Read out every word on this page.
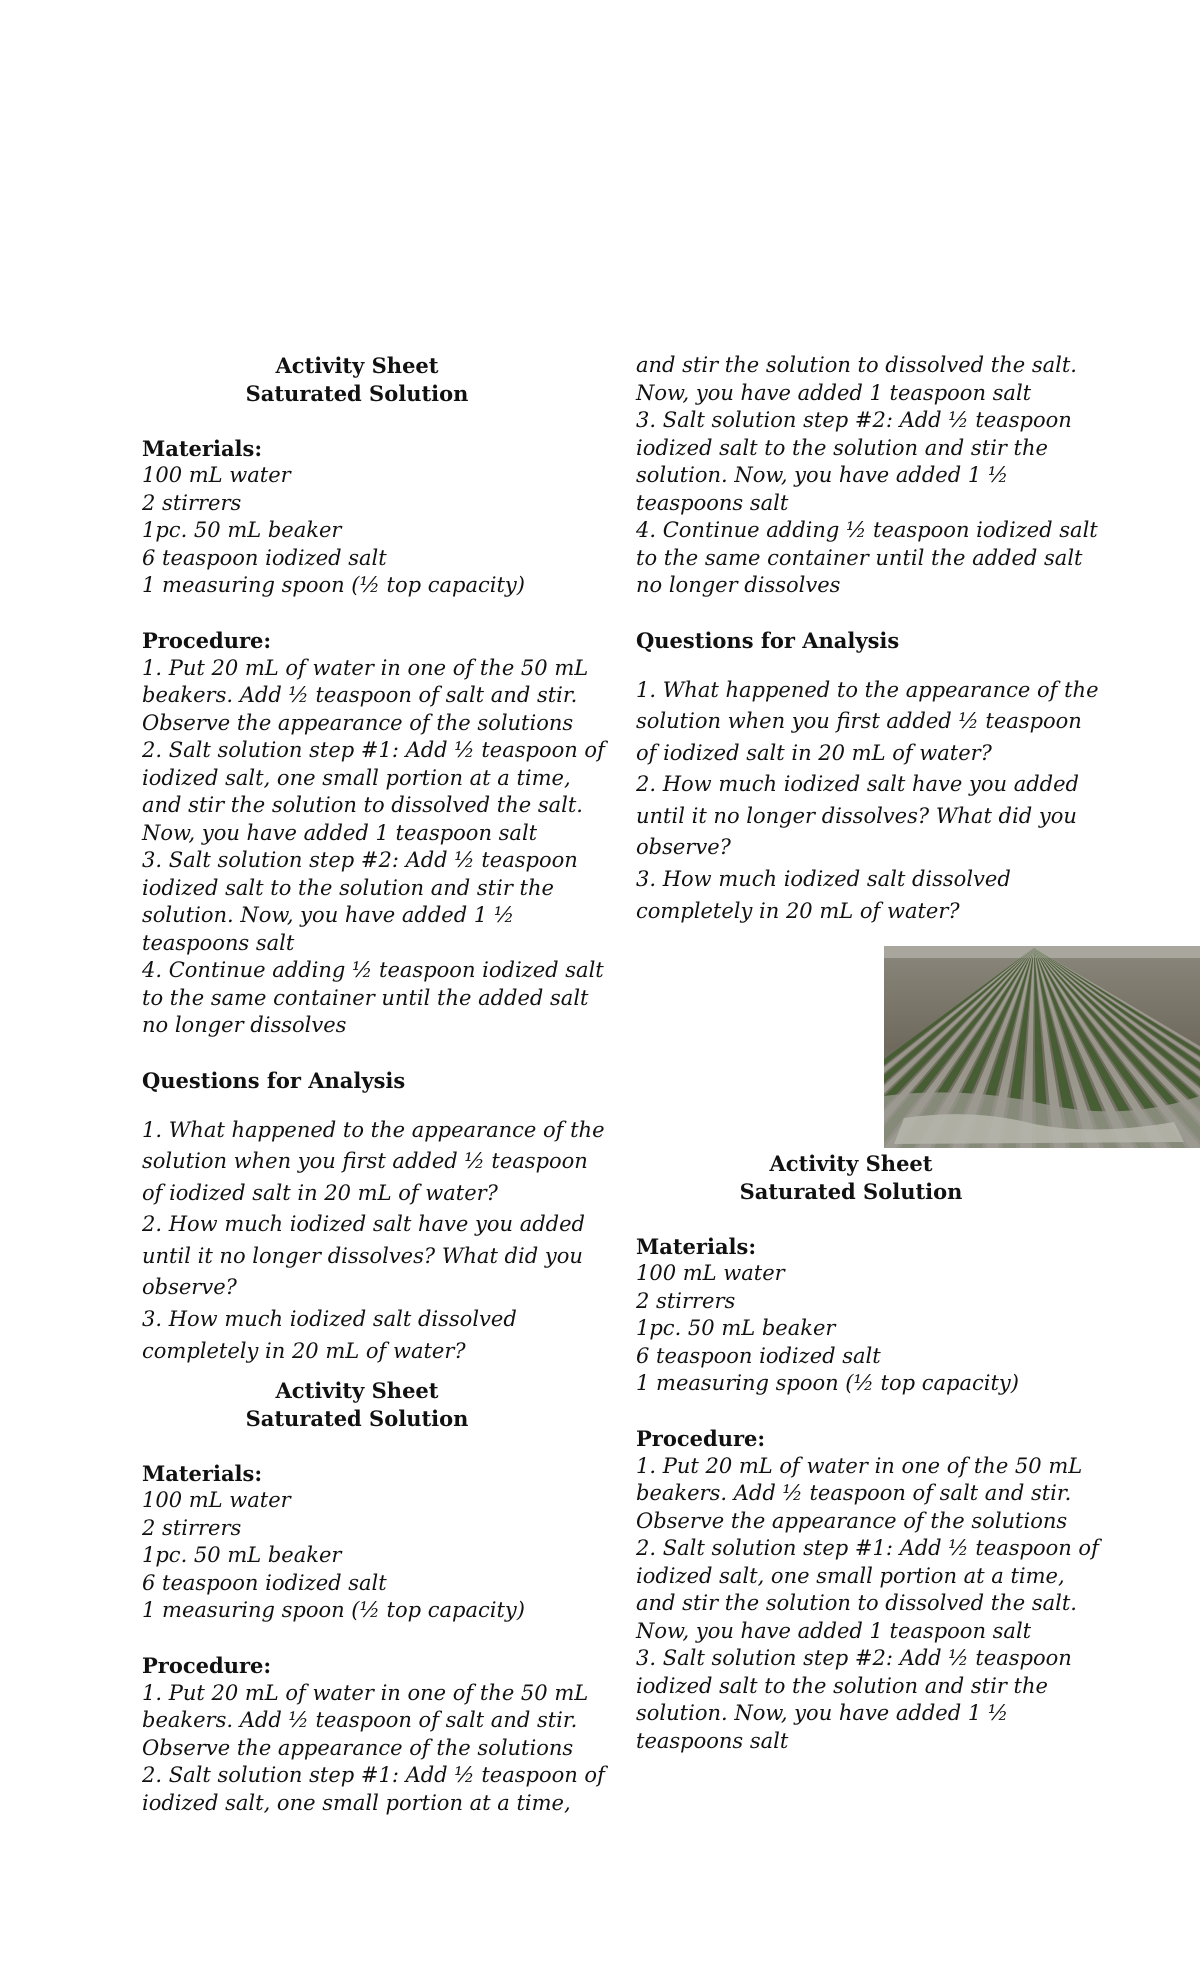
Activity Sheet
Saturated Solution
Materials:
100 mL water
2 stirrers
1pc. 50 mL beaker
6 teaspoon iodized salt
1 measuring spoon (½ top capacity)
Procedure:
1. Put 20 mL of water in one of the 50 mL
beakers. Add ½ teaspoon of salt and stir.
Observe the appearance of the solutions
2. Salt solution step #1: Add ½ teaspoon of
iodized salt, one small portion at a time,
and stir the solution to dissolved the salt.
Now, you have added 1 teaspoon salt
3. Salt solution step #2: Add ½ teaspoon
iodized salt to the solution and stir the
solution. Now, you have added 1 ½
teaspoons salt
4. Continue adding ½ teaspoon iodized salt
to the same container until the added salt
no longer dissolves
Questions for Analysis
1. What happened to the appearance of the
solution when you first added ½ teaspoon
of iodized salt in 20 mL of water?
2. How much iodized salt have you added
until it no longer dissolves? What did you
observe?
3. How much iodized salt dissolved
completely in 20 mL of water?
Activity Sheet
Saturated Solution
Materials:
100 mL water
2 stirrers
1pc. 50 mL beaker
6 teaspoon iodized salt
1 measuring spoon (½ top capacity)
Procedure:
1. Put 20 mL of water in one of the 50 mL
beakers. Add ½ teaspoon of salt and stir.
Observe the appearance of the solutions
2. Salt solution step #1: Add ½ teaspoon of
iodized salt, one small portion at a time,
and stir the solution to dissolved the salt.
Now, you have added 1 teaspoon salt
3. Salt solution step #2: Add ½ teaspoon
iodized salt to the solution and stir the
solution. Now, you have added 1 ½
teaspoons salt
4. Continue adding ½ teaspoon iodized salt
to the same container until the added salt
no longer dissolves
Questions for Analysis
1. What happened to the appearance of the
solution when you first added ½ teaspoon
of iodized salt in 20 mL of water?
2. How much iodized salt have you added
until it no longer dissolves? What did you
observe?
3. How much iodized salt dissolved
completely in 20 mL of water?
Activity Sheet
Saturated Solution
Materials:
100 mL water
2 stirrers
1pc. 50 mL beaker
6 teaspoon iodized salt
1 measuring spoon (½ top capacity)
Procedure:
1. Put 20 mL of water in one of the 50 mL
beakers. Add ½ teaspoon of salt and stir.
Observe the appearance of the solutions
2. Salt solution step #1: Add ½ teaspoon of
iodized salt, one small portion at a time,
and stir the solution to dissolved the salt.
Now, you have added 1 teaspoon salt
3. Salt solution step #2: Add ½ teaspoon
iodized salt to the solution and stir the
solution. Now, you have added 1 ½
teaspoons salt
